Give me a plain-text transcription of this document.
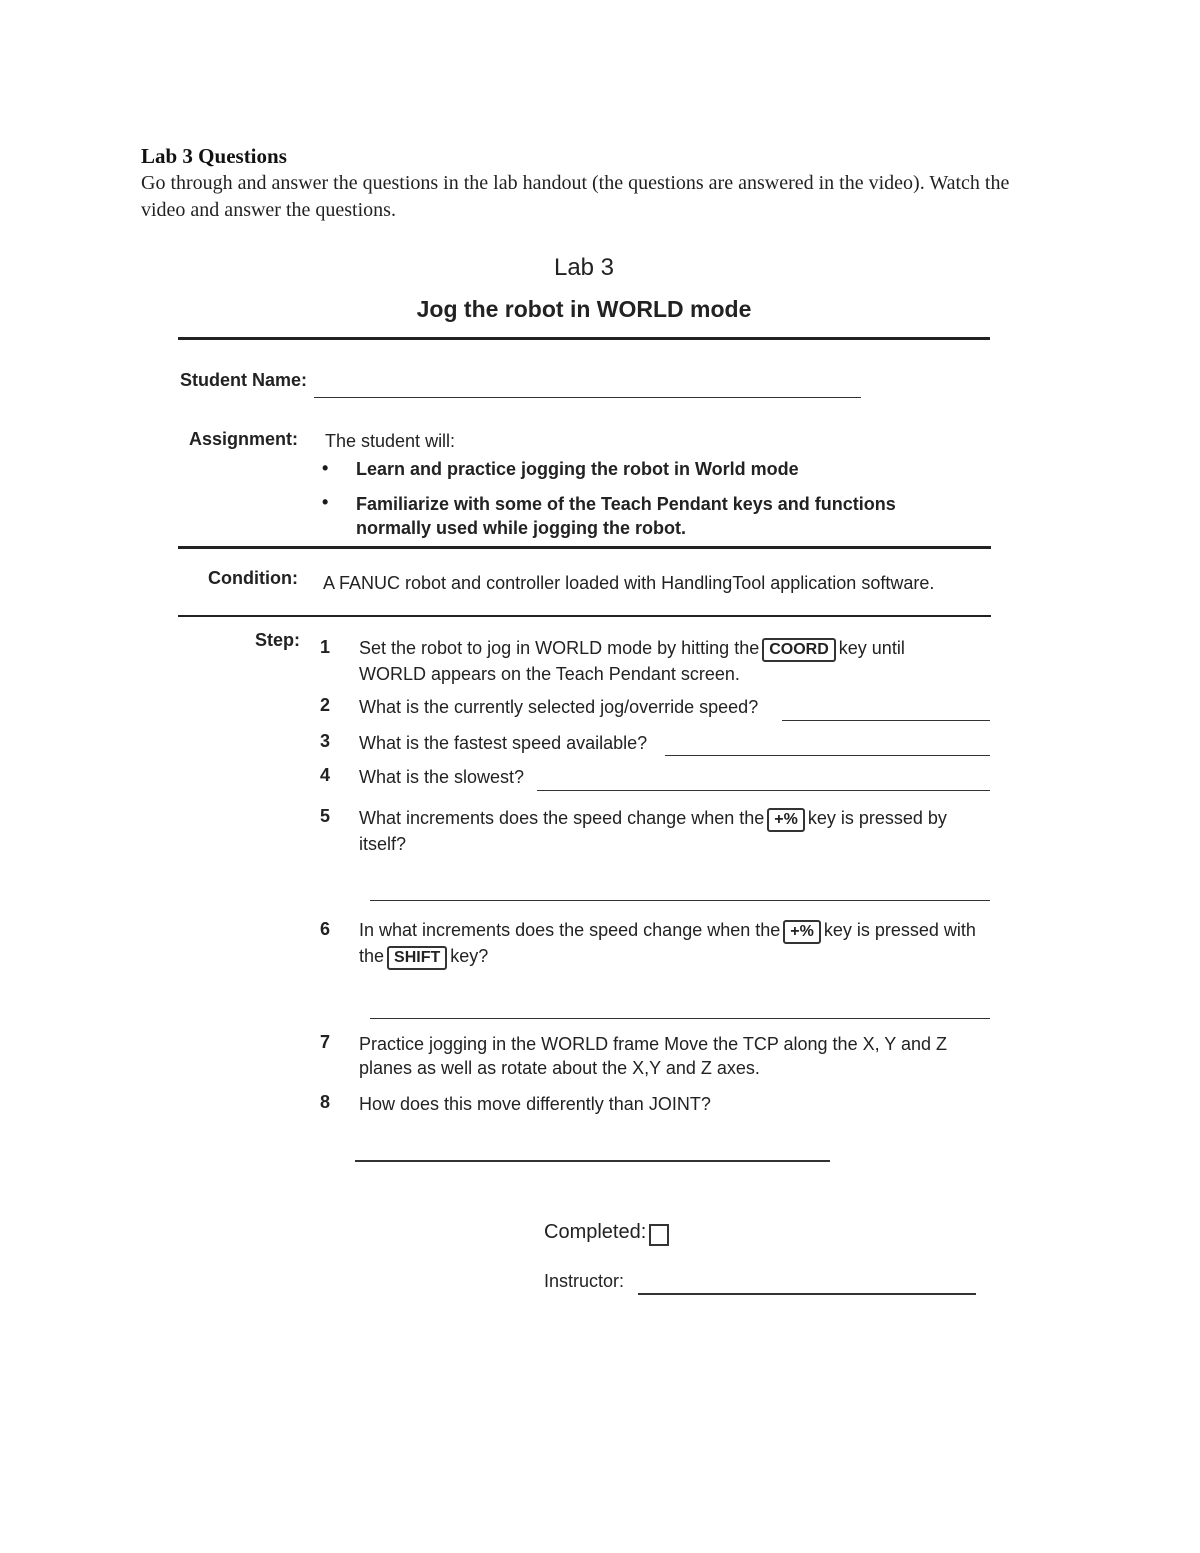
Lab 3 Questions
Go through and answer the questions in the lab handout (the questions are answered in the video). Watch the video and answer the questions.
Lab 3
Jog the robot in WORLD mode
Student Name:
Assignment: The student will:
• Learn and practice jogging the robot in World mode
• Familiarize with some of the Teach Pendant keys and functions normally used while jogging the robot.
Condition: A FANUC robot and controller loaded with HandlingTool application software.
Step: 1 Set the robot to jog in WORLD mode by hitting the COORD key until WORLD appears on the Teach Pendant screen.
2 What is the currently selected jog/override speed?
3 What is the fastest speed available?
4 What is the slowest?
5 What increments does the speed change when the +% key is pressed by itself?
6 In what increments does the speed change when the +% key is pressed with the SHIFT key?
7 Practice jogging in the WORLD frame Move the TCP along the X, Y and Z planes as well as rotate about the X,Y and Z axes.
8 How does this move differently than JOINT?
Completed:
Instructor:
